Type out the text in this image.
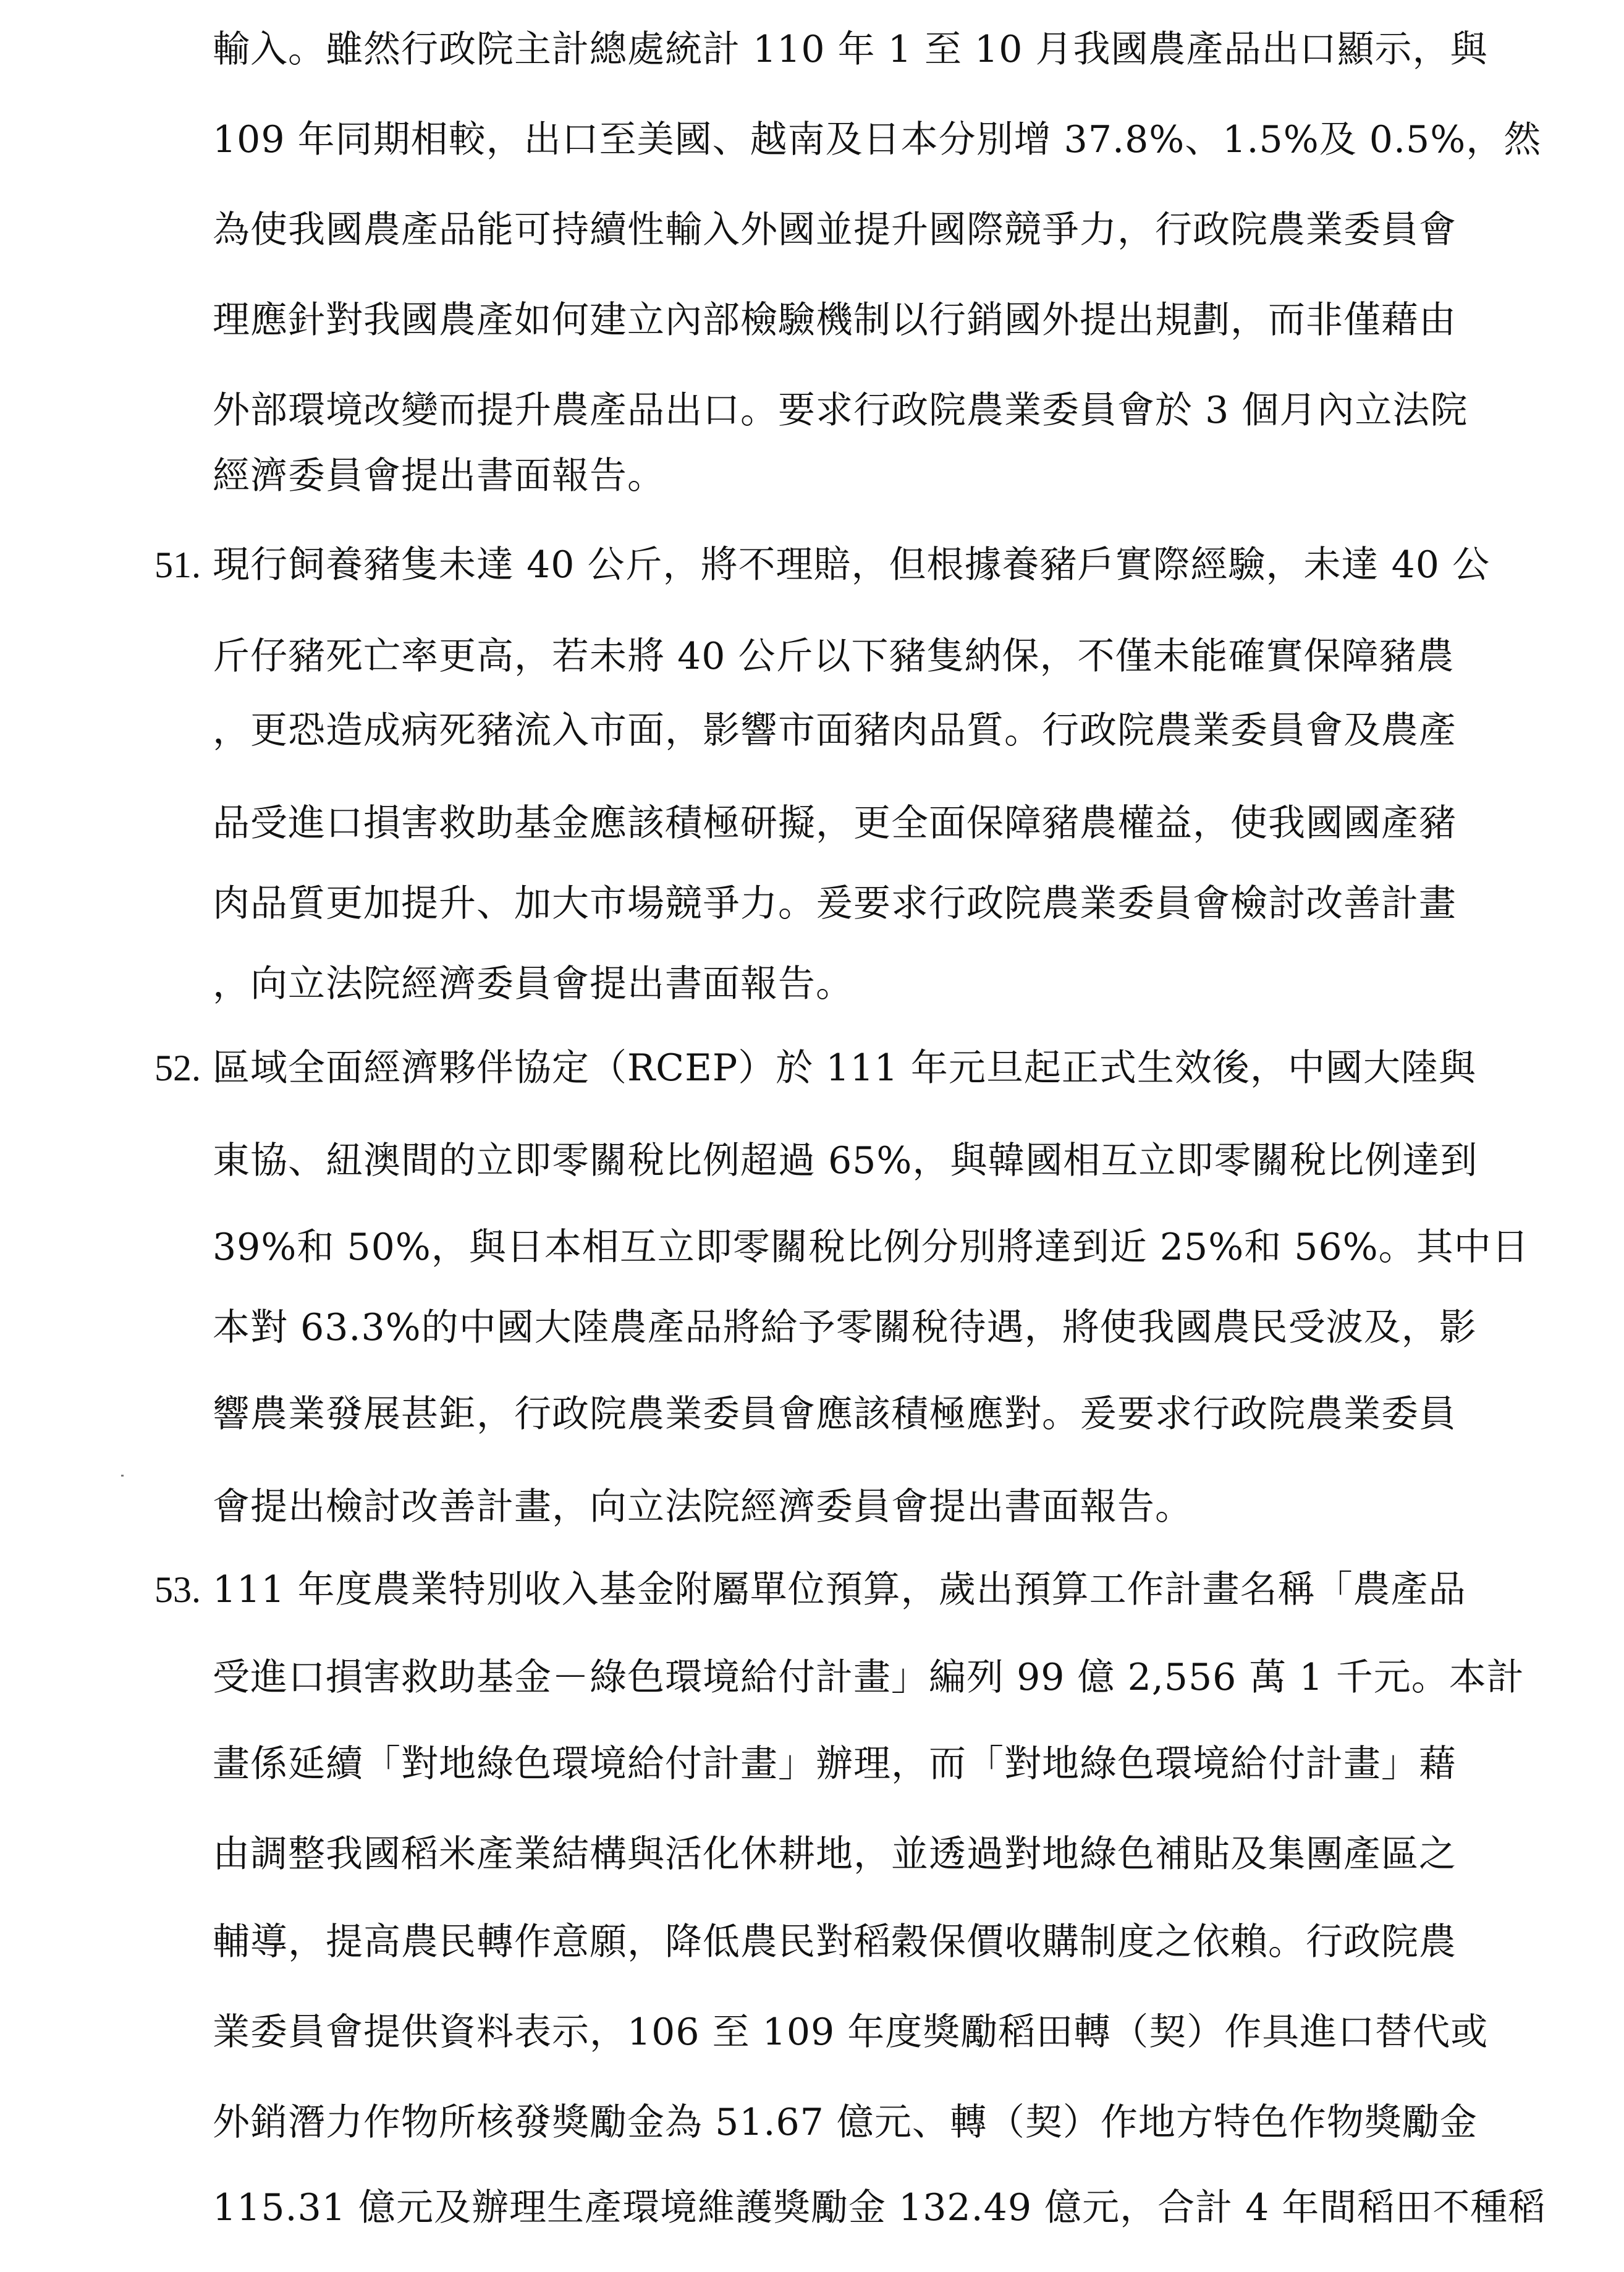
輸入。雖然行政院主計總處統計 110 年 1 至 10 月我國農產品出口顯示，與
109 年同期相較，出口至美國、越南及日本分別增 37.8%、1.5%及 0.5%，然
為使我國農產品能可持續性輸入外國並提升國際競爭力，行政院農業委員會
理應針對我國農產如何建立內部檢驗機制以行銷國外提出規劃，而非僅藉由
外部環境改變而提升農產品出口。要求行政院農業委員會於 3 個月內立法院
經濟委員會提出書面報告。
51. 現行飼養豬隻未達 40 公斤，將不理賠，但根據養豬戶實際經驗，未達 40 公
斤仔豬死亡率更高，若未將 40 公斤以下豬隻納保，不僅未能確實保障豬農
，更恐造成病死豬流入市面，影響市面豬肉品質。行政院農業委員會及農產
品受進口損害救助基金應該積極研擬，更全面保障豬農權益，使我國國產豬
肉品質更加提升、加大市場競爭力。爰要求行政院農業委員會檢討改善計畫
，向立法院經濟委員會提出書面報告。
52. 區域全面經濟夥伴協定（RCEP）於 111 年元旦起正式生效後，中國大陸與
東協、紐澳間的立即零關稅比例超過 65%，與韓國相互立即零關稅比例達到
39%和 50%，與日本相互立即零關稅比例分別將達到近 25%和 56%。其中日
本對 63.3%的中國大陸農產品將給予零關稅待遇，將使我國農民受波及，影
響農業發展甚鉅，行政院農業委員會應該積極應對。爰要求行政院農業委員
會提出檢討改善計畫，向立法院經濟委員會提出書面報告。
53. 111 年度農業特別收入基金附屬單位預算，歲出預算工作計畫名稱「農產品
受進口損害救助基金－綠色環境給付計畫」編列 99 億 2,556 萬 1 千元。本計
畫係延續「對地綠色環境給付計畫」辦理，而「對地綠色環境給付計畫」藉
由調整我國稻米產業結構與活化休耕地，並透過對地綠色補貼及集團產區之
輔導，提高農民轉作意願，降低農民對稻穀保價收購制度之依賴。行政院農
業委員會提供資料表示，106 至 109 年度獎勵稻田轉（契）作具進口替代或
外銷潛力作物所核發獎勵金為 51.67 億元、轉（契）作地方特色作物獎勵金
115.31 億元及辦理生產環境維護獎勵金 132.49 億元，合計 4 年間稻田不種稻
